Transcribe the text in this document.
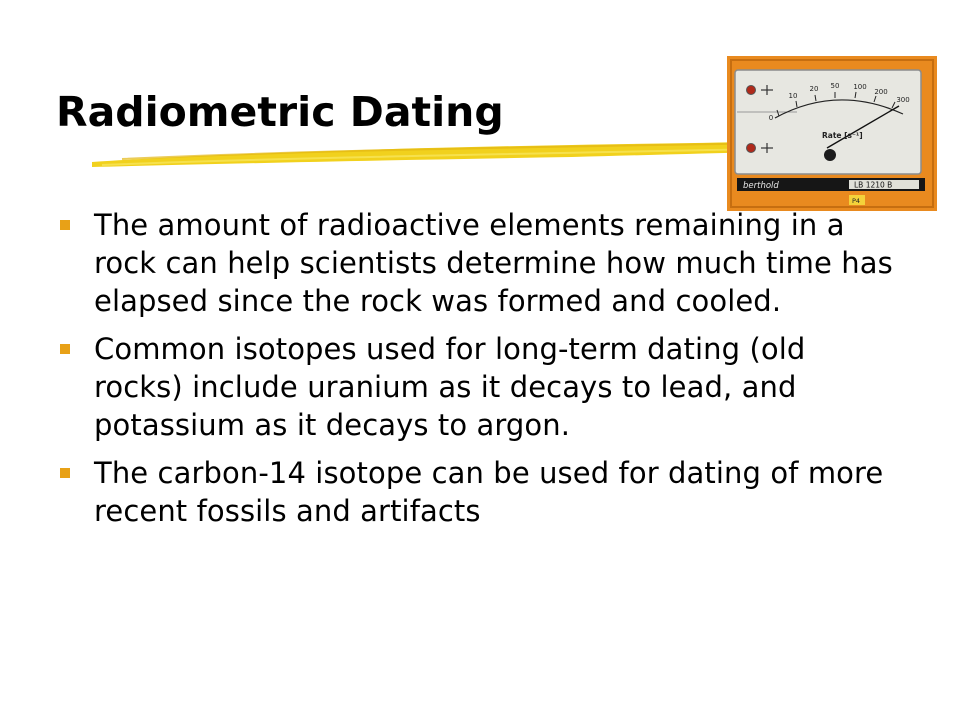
Radiometric Dating	0
10
20 50 100
200
300
Rate [s⁻¹]
berthold	LB 1210 B
P4
The amount of radioactive elements remaining in a rock can help scientists determine how much time has elapsed since the rock was formed and cooled.
Common isotopes used for long-term dating (old rocks) include uranium as it decays to lead, and potassium as it decays to argon.
The carbon-14 isotope can be used for dating of more recent fossils and artifacts
